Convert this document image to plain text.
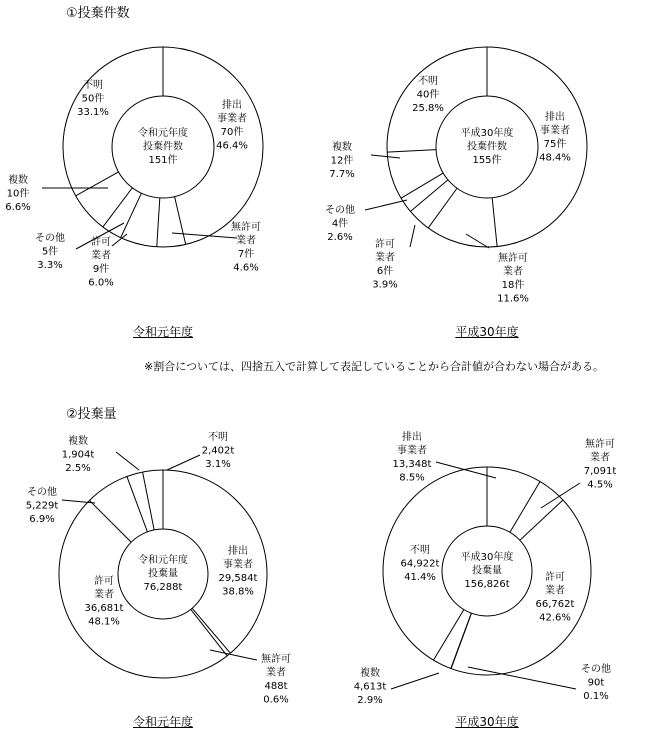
①投棄件数
※割合については、四捨五入で計算して表記していることから合計値が合わない場合がある。
②投棄量
令和元年度	平成30年度
令和元年度	平成30年度
令和元年度投棄件数 151件
排出事業者 70件 46.4%
無許可業者 7件 4.6%
許可業者 9件 6.0%
その他 5件 3.3%
複数 10件 6.6%
不明 50件 33.1%
平成30年度投棄件数 155件
排出事業者 75件 48.4%
無許可業者 18件 11.6%
許可業者 6件 3.9%
その他 4件 2.6%
複数 12件 7.7%
不明 40件 25.8%
令和元年度投棄量 76,288t
排出事業者 29,584t 38.8%
無許可業者 488t 0.6%
許可業者 36,681t 48.1%
その他 5,229t 6.9%
複数 1,904t 2.5%
不明 2,402t 3.1%
平成30年度投棄量 156,826t
排出事業者 13,348t 8.5%
無許可業者 7,091t 4.5%
許可業者 66,762t 42.6%
その他 90t 0.1%
複数 4,613t 2.9%
不明 64,922t 41.4%
